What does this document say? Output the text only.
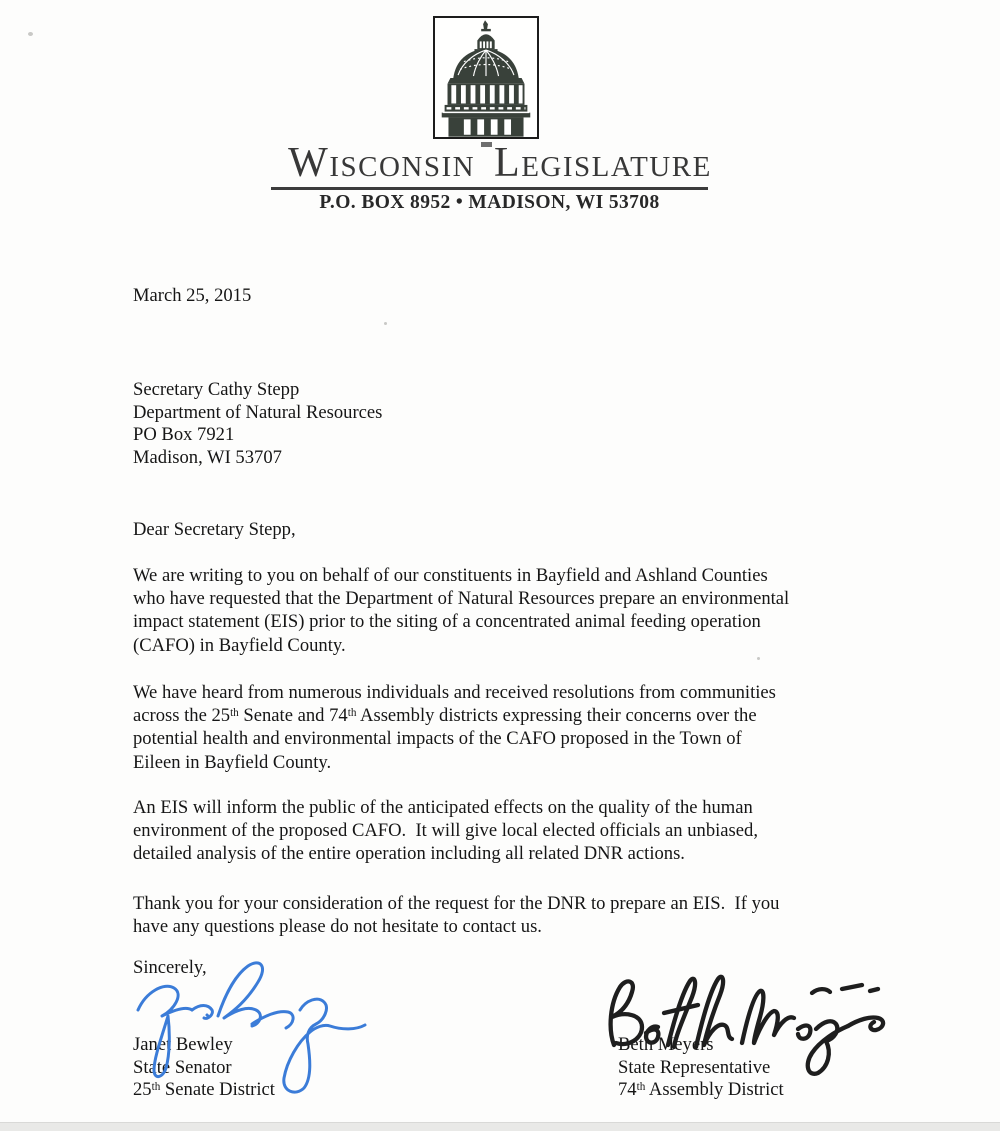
Wisconsin Legislature
P.O. BOX 8952 • MADISON, WI 53708
March 25, 2015
Secretary Cathy Stepp
Department of Natural Resources
PO Box 7921
Madison, WI 53707
Dear Secretary Stepp,
We are writing to you on behalf of our constituents in Bayfield and Ashland Counties
who have requested that the Department of Natural Resources prepare an environmental
impact statement (EIS) prior to the siting of a concentrated animal feeding operation
(CAFO) in Bayfield County.
We have heard from numerous individuals and received resolutions from communities
across the 25th Senate and 74th Assembly districts expressing their concerns over the
potential health and environmental impacts of the CAFO proposed in the Town of
Eileen in Bayfield County.
An EIS will inform the public of the anticipated effects on the quality of the human
environment of the proposed CAFO.  It will give local elected officials an unbiased,
detailed analysis of the entire operation including all related DNR actions.
Thank you for your consideration of the request for the DNR to prepare an EIS.  If you
have any questions please do not hesitate to contact us.
Sincerely,
Janet Bewley
State Senator
25th Senate District
Beth Meyers
State Representative
74th Assembly District
